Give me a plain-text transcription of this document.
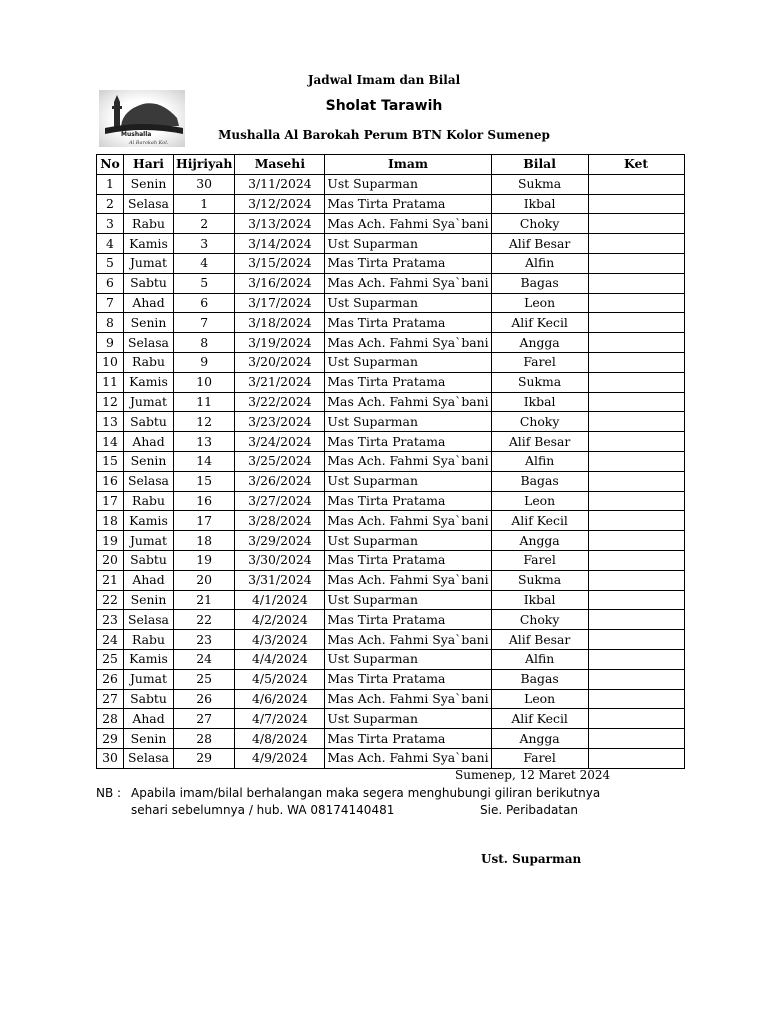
Jadwal Imam dan Bilal
Mushalla
Al Barokah Kol.
Sholat Tarawih
Mushalla Al Barokah Perum BTN Kolor Sumenep
No	Hari	Hijriyah	Masehi	Imam	Bilal	Ket
1	Senin	30	3/11/2024	Ust Suparman	Sukma	
2	Selasa	1	3/12/2024	Mas Tirta Pratama	Ikbal	
3	Rabu	2	3/13/2024	Mas Ach. Fahmi Sya`bani	Choky	
4	Kamis	3	3/14/2024	Ust Suparman	Alif Besar	
5	Jumat	4	3/15/2024	Mas Tirta Pratama	Alfin	
6	Sabtu	5	3/16/2024	Mas Ach. Fahmi Sya`bani	Bagas	
7	Ahad	6	3/17/2024	Ust Suparman	Leon	
8	Senin	7	3/18/2024	Mas Tirta Pratama	Alif Kecil	
9	Selasa	8	3/19/2024	Mas Ach. Fahmi Sya`bani	Angga	
10	Rabu	9	3/20/2024	Ust Suparman	Farel	
11	Kamis	10	3/21/2024	Mas Tirta Pratama	Sukma	
12	Jumat	11	3/22/2024	Mas Ach. Fahmi Sya`bani	Ikbal	
13	Sabtu	12	3/23/2024	Ust Suparman	Choky	
14	Ahad	13	3/24/2024	Mas Tirta Pratama	Alif Besar	
15	Senin	14	3/25/2024	Mas Ach. Fahmi Sya`bani	Alfin	
16	Selasa	15	3/26/2024	Ust Suparman	Bagas	
17	Rabu	16	3/27/2024	Mas Tirta Pratama	Leon	
18	Kamis	17	3/28/2024	Mas Ach. Fahmi Sya`bani	Alif Kecil	
19	Jumat	18	3/29/2024	Ust Suparman	Angga	
20	Sabtu	19	3/30/2024	Mas Tirta Pratama	Farel	
21	Ahad	20	3/31/2024	Mas Ach. Fahmi Sya`bani	Sukma	
22	Senin	21	4/1/2024	Ust Suparman	Ikbal	
23	Selasa	22	4/2/2024	Mas Tirta Pratama	Choky	
24	Rabu	23	4/3/2024	Mas Ach. Fahmi Sya`bani	Alif Besar	
25	Kamis	24	4/4/2024	Ust Suparman	Alfin	
26	Jumat	25	4/5/2024	Mas Tirta Pratama	Bagas	
27	Sabtu	26	4/6/2024	Mas Ach. Fahmi Sya`bani	Leon	
28	Ahad	27	4/7/2024	Ust Suparman	Alif Kecil	
29	Senin	28	4/8/2024	Mas Tirta Pratama	Angga	
30	Selasa	29	4/9/2024	Mas Ach. Fahmi Sya`bani	Farel	
Sumenep, 12 Maret 2024
NB : Apabila imam/bilal berhalangan maka segera menghubungi giliran berikutnya
sehari sebelumnya / hub. WA 08174140481	Sie. Peribadatan
Ust. Suparman
